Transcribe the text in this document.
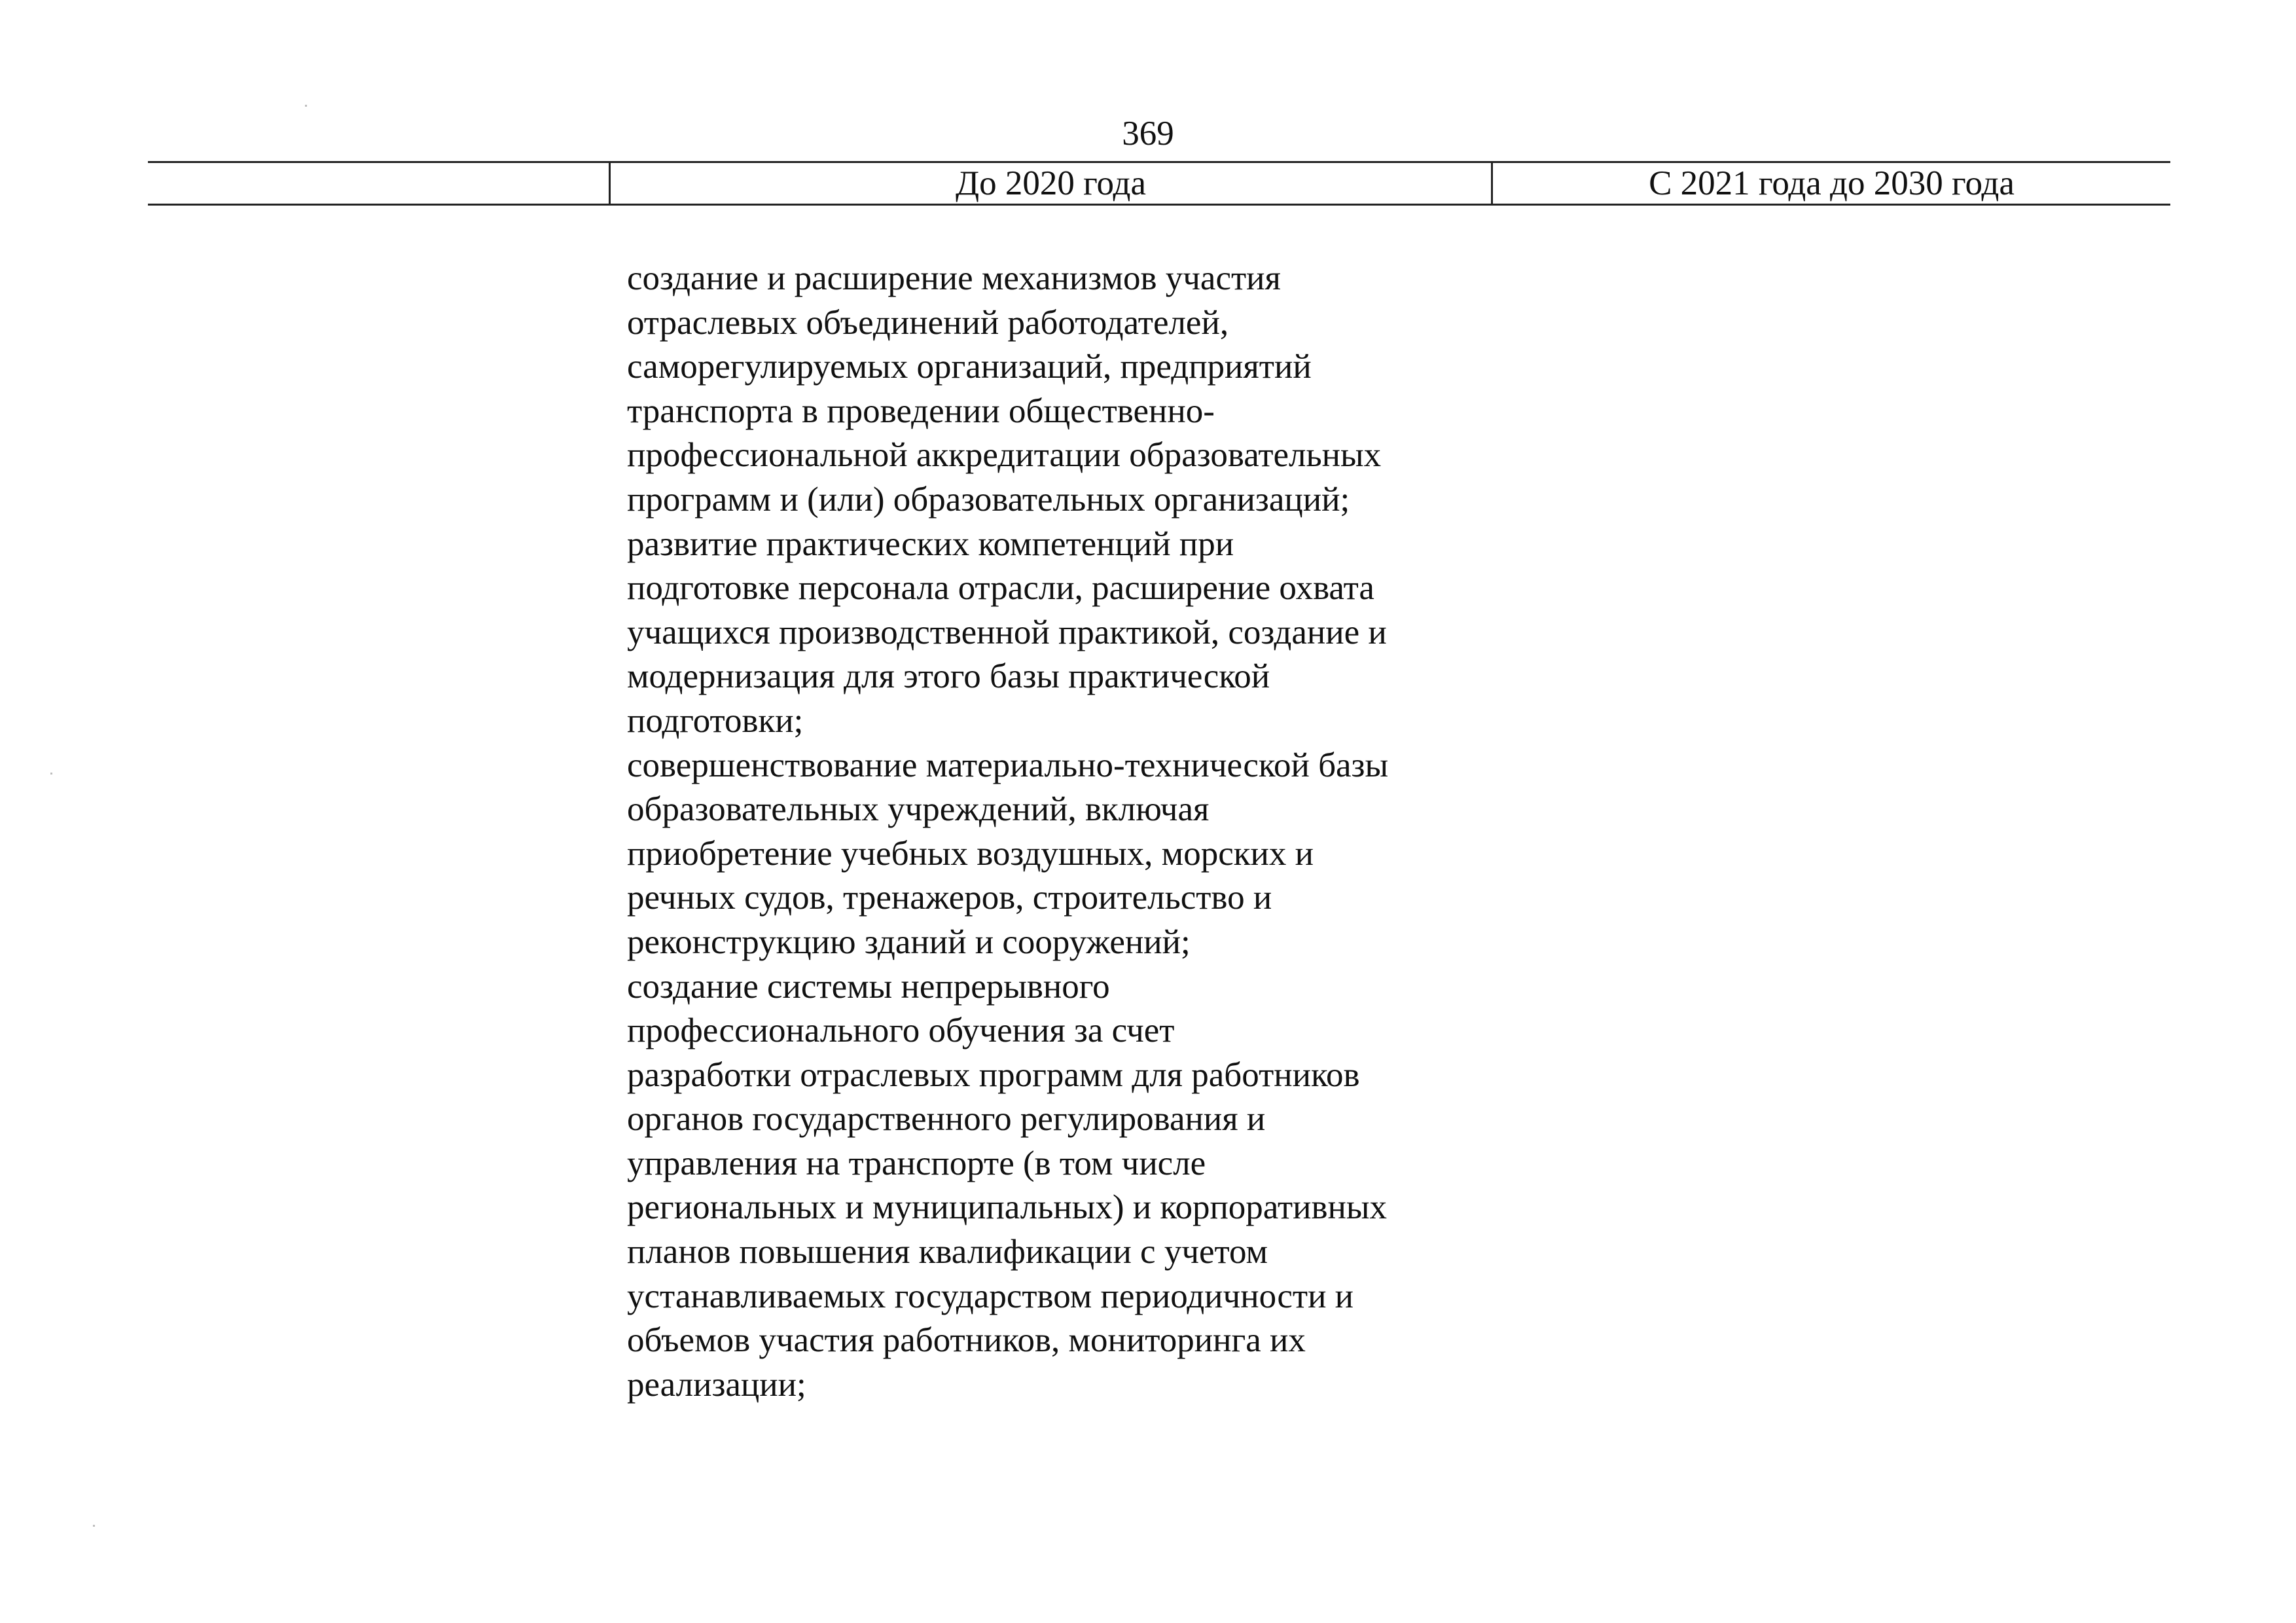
369
До 2020 года	С 2021 года до 2030 года
создание и расширение механизмов участия
отраслевых объединений работодателей,
саморегулируемых организаций, предприятий
транспорта в проведении общественно-
профессиональной аккредитации образовательных
программ и (или) образовательных организаций;
развитие практических компетенций при
подготовке персонала отрасли, расширение охвата
учащихся производственной практикой, создание и
модернизация для этого базы практической
подготовки;
совершенствование материально-технической базы
образовательных учреждений, включая
приобретение учебных воздушных, морских и
речных судов, тренажеров, строительство и
реконструкцию зданий и сооружений;
создание системы непрерывного
профессионального обучения за счет
разработки отраслевых программ для работников
органов государственного регулирования и
управления на транспорте (в том числе
региональных и муниципальных) и корпоративных
планов повышения квалификации с учетом
устанавливаемых государством периодичности и
объемов участия работников, мониторинга их
реализации;
